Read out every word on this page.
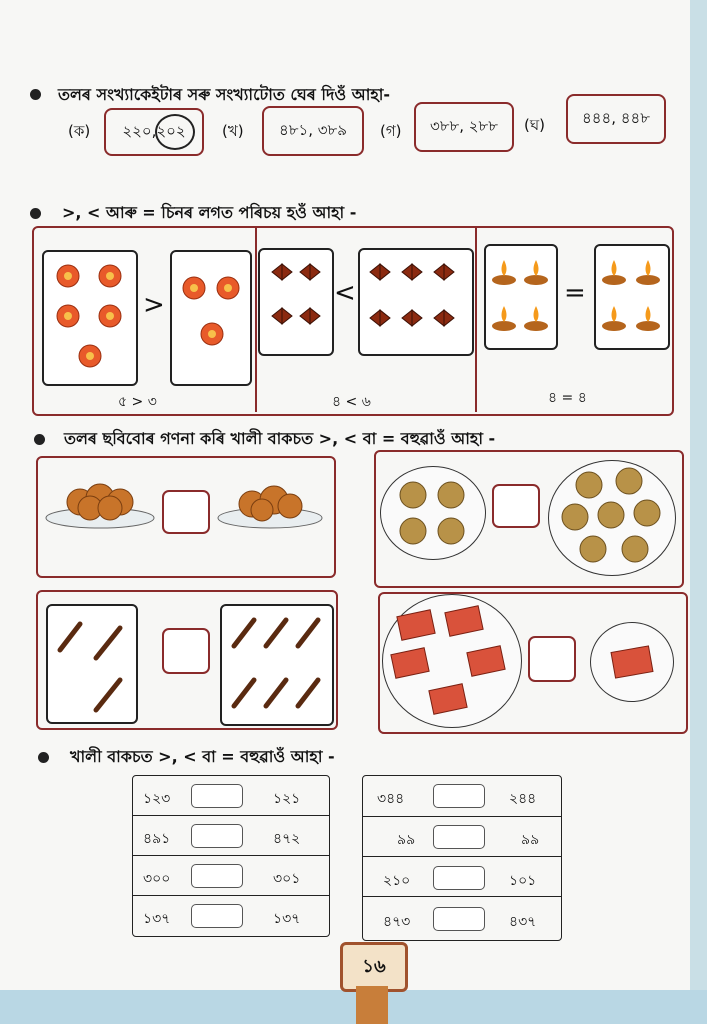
তলৰ সংখ্যাকেইটাৰ সৰু সংখ্যাটোত ঘেৰ দিওঁ আহা-
(ক) ২২০,২০২ (খ) ৪৮১, ৩৮৯ (গ) ৩৮৮, ২৮৮ (ঘ) ৪৪৪, ৪৪৮
>, < আৰু = চিনৰ লগত পৰিচয় হওঁ আহা -
>
৫ > ৩
<
৪ < ৬
=
৪ = ৪
তলৰ ছবিবোৰ গণনা কৰি খালী বাকচত >, < বা = বহুৱাওঁ আহা -
খালী বাকচত >, < বা = বহুৱাওঁ আহা -
১২৩	১২১
৪৯১	৪৭২
৩০০	৩০১
১৩৭	১৩৭
৩৪৪	২৪৪
৯৯	৯৯
২১০	১০১
৪৭৩	৪৩৭
১৬
